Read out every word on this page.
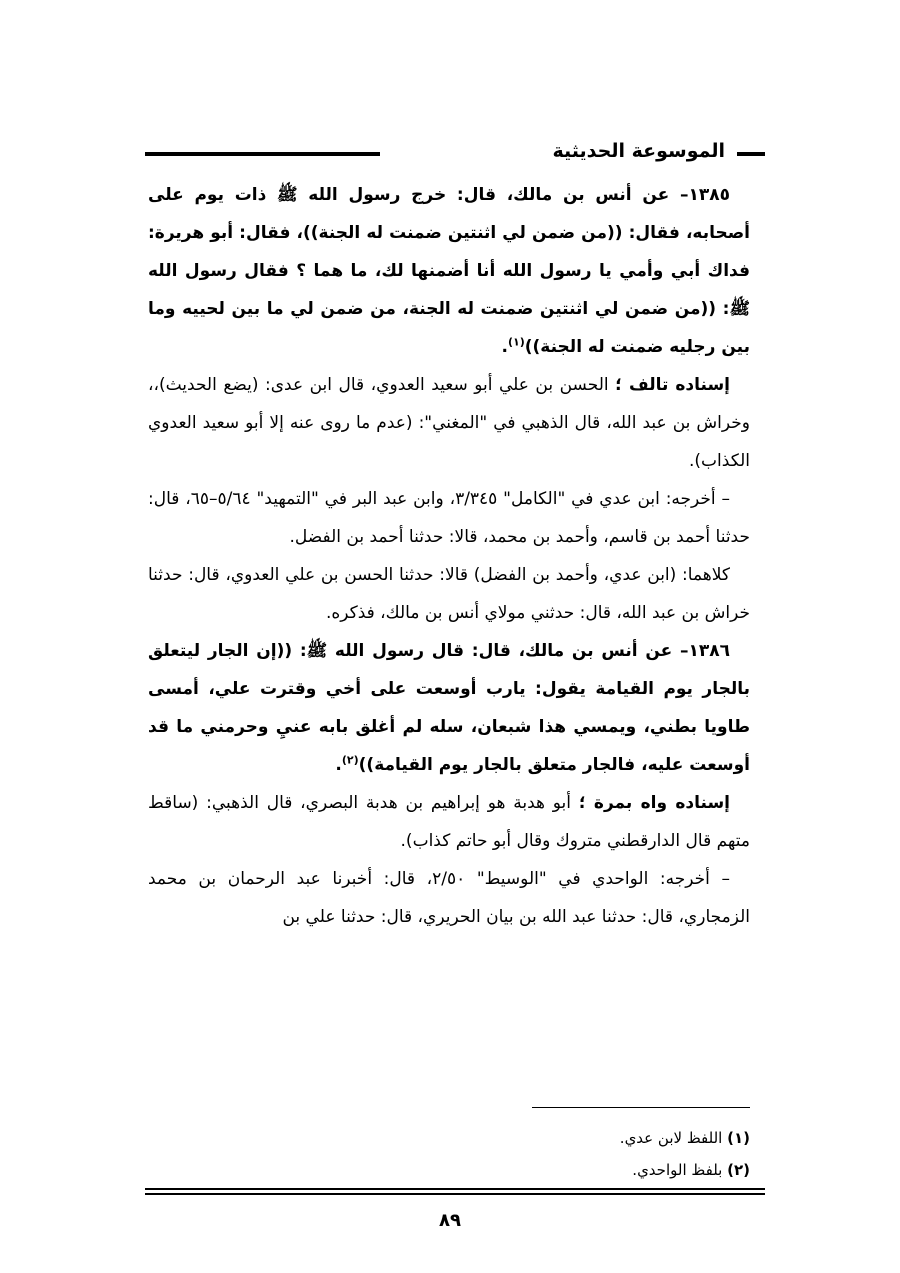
الموسوعة الحديثية

١٣٨٥– عن أنس بن مالك، قال: خرج رسول الله ﷺ ذات يوم على أصحابه، فقال: ((من ضمن لي اثنتين ضمنت له الجنة))، فقال: أبو هريرة: فداك أبي وأمي يا رسول الله أنا أضمنها لك، ما هما ؟ فقال رسول الله ﷺ: ((من ضمن لي اثنتين ضمنت له الجنة، من ضمن لي ما بين لحييه وما بين رجليه ضمنت له الجنة))$^{(١)}$.

إسناده تالف ؛ الحسن بن علي أبو سعيد العدوي، قال ابن عدى: (يضع الحديث)،، وخراش بن عبد الله، قال الذهبي في "المغني": (عدم ما روى عنه إلا أبو سعيد العدوي الكذاب).

– أخرجه: ابن عدي في "الكامل" ٣/٣٤٥، وابن عبد البر في "التمهيد" ٥/٦٤–٦٥، قال: حدثنا أحمد بن قاسم، وأحمد بن محمد، قالا: حدثنا أحمد بن الفضل.

كلاهما: (ابن عدي، وأحمد بن الفضل) قالا: حدثنا الحسن بن علي العدوي، قال: حدثنا خراش بن عبد الله، قال: حدثني مولاي أنس بن مالك، فذكره.

١٣٨٦– عن أنس بن مالك، قال: قال رسول الله ﷺ: ((إن الجار ليتعلق بالجار يوم القيامة يقول: يارب أوسعت على أخي وقترت علي، أمسى طاويا بطني، ويمسي هذا شبعان، سله لم أغلق بابه عنيِ وحرمني ما قد أوسعت عليه، فالجار متعلق بالجار يوم القيامة))$^{(٢)}$.

إسناده واه بمرة ؛ أبو هدبة هو إبراهيم بن هدبة البصري، قال الذهبي: (ساقط متهم قال الدارقطني متروك وقال أبو حاتم كذاب).

– أخرجه: الواحدي في "الوسيط" ٢/٥٠، قال: أخبرنا عبد الرحمان بن محمد الزمجاري، قال: حدثنا عبد الله بن بيان الحريري، قال: حدثنا علي بن

(١) اللفظ لابن عدي.

(٢) بلفظ الواحدي.

٨٩
